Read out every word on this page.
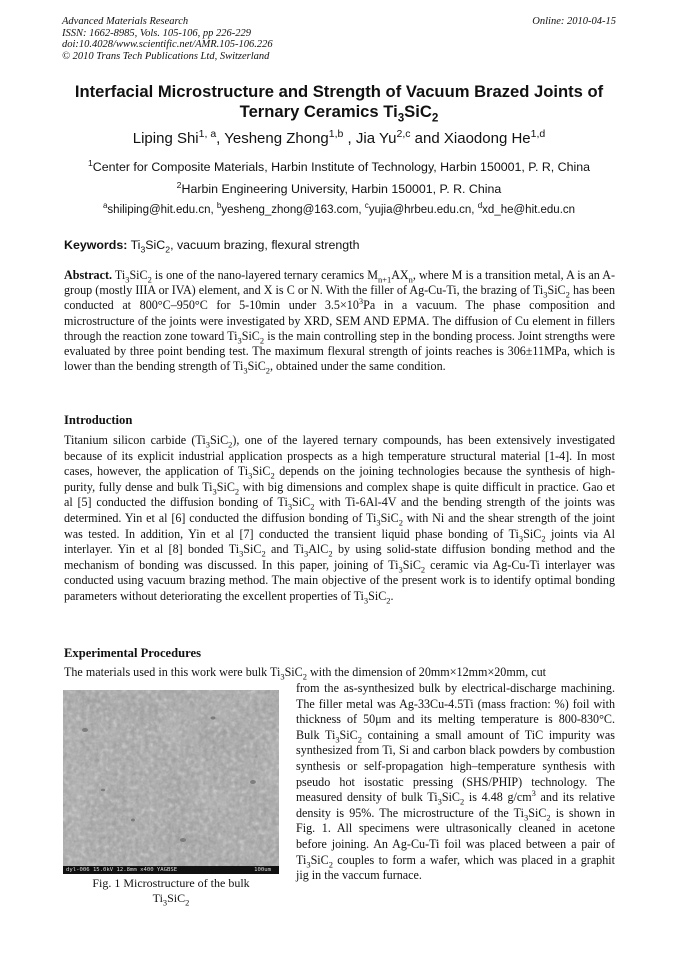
Advanced Materials Research
ISSN: 1662-8985, Vols. 105-106, pp 226-229
doi:10.4028/www.scientific.net/AMR.105-106.226
© 2010 Trans Tech Publications Ltd, Switzerland
Online: 2010-04-15
Interfacial Microstructure and Strength of Vacuum Brazed Joints of
Ternary Ceramics $Ti_3SiC_2$
Liping Shi$^{1, a}$, Yesheng Zhong$^{1,b}$ , Jia Yu$^{2,c}$ and Xiaodong He$^{1,d}$
$^1$Center for Composite Materials, Harbin Institute of Technology, Harbin 150001, P. R, China
$^2$Harbin Engineering University, Harbin 150001, P. R. China
$^a$shiliping@hit.edu.cn, $^b$yesheng_zhong@163.com, $^c$yujia@hrbeu.edu.cn, $^d$xd_he@hit.edu.cn
Keywords: $Ti_3SiC_2$, vacuum brazing, flexural strength

Abstract. $Ti_3SiC_2$ is one of the nano-layered ternary ceramics $M_{n+1}AX_n$, where M is a transition metal, A is an A-group (mostly IIIA or IVA) element, and X is C or N. With the filler of Ag-Cu-Ti, the brazing of $Ti_3SiC_2$ has been conducted at 800°C–950°C for 5-10min under $3.5\times 10^3Pa$ in a vacuum. The phase composition and microstructure of the joints were investigated by XRD, SEM AND EPMA. The diffusion of Cu element in fillers through the reaction zone toward $Ti_3SiC_2$ is the main controlling step in the bonding process. Joint strengths were evaluated by three point bending test. The maximum flexural strength of joints reaches is 306±11MPa, which is lower than the bending strength of $Ti_3SiC_2$, obtained under the same condition.

Introduction

Titanium silicon carbide $(Ti_3SiC_2)$, one of the layered ternary compounds, has been extensively investigated because of its explicit industrial application prospects as a high temperature structural material [1-4]. In most cases, however, the application of $Ti_3SiC_2$ depends on the joining technologies because the synthesis of high-purity, fully dense and bulk $Ti_3SiC_2$ with big dimensions and complex shape is quite difficult in practice. Gao et al [5] conducted the diffusion bonding of $Ti_3SiC_2$ with Ti-6Al-4V and the bending strength of the joints was determined. Yin et al [6] conducted the diffusion bonding of $Ti_3SiC_2$ with Ni and the shear strength of the joint was tested. In addition, Yin et al [7] conducted the transient liquid phase bonding of $Ti_3SiC_2$ joints via Al interlayer. Yin et al [8] bonded $Ti_3SiC_2$ and $Ti_3AlC_2$ by using solid-state diffusion bonding method and the mechanism of bonding was discussed. In this paper, joining of $Ti_3SiC_2$ ceramic via Ag-Cu-Ti interlayer was conducted using vacuum brazing method. The main objective of the present work is to identify optimal bonding parameters without deteriorating the excellent properties of $Ti_3SiC_2$.

Experimental Procedures
The materials used in this work were bulk $Ti_3SiC_2$ with the dimension of 20mm×12mm×20mm, cut
from the as-synthesized bulk by electrical-discharge machining. The filler metal was Ag-33Cu-4.5Ti (mass fraction: %) foil with thickness of 50μm and its melting temperature is 800-830°C. Bulk $Ti_3SiC_2$ containing a small amount of TiC impurity was synthesized from Ti, Si and carbon black powders by combustion synthesis or self-propagation high–temperature synthesis with pseudo hot isostatic pressing (SHS/PHIP) technology. The measured density of bulk $Ti_3SiC_2$ is 4.48 $g/cm^3$ and its relative density is 95%. The microstructure of the $Ti_3SiC_2$ is shown in Fig. 1. All specimens were ultrasonically cleaned in acetone before joining. An Ag-Cu-Ti foil was placed between a pair of $Ti_3SiC_2$ couples to form a wafer, which was placed in a graphit jig in the vaccum furnace.
dyl-006 15.0kV 12.8mm x400 YAGBSE	100um
Fig. 1 Microstructure of the bulk
$Ti_3SiC_2$
